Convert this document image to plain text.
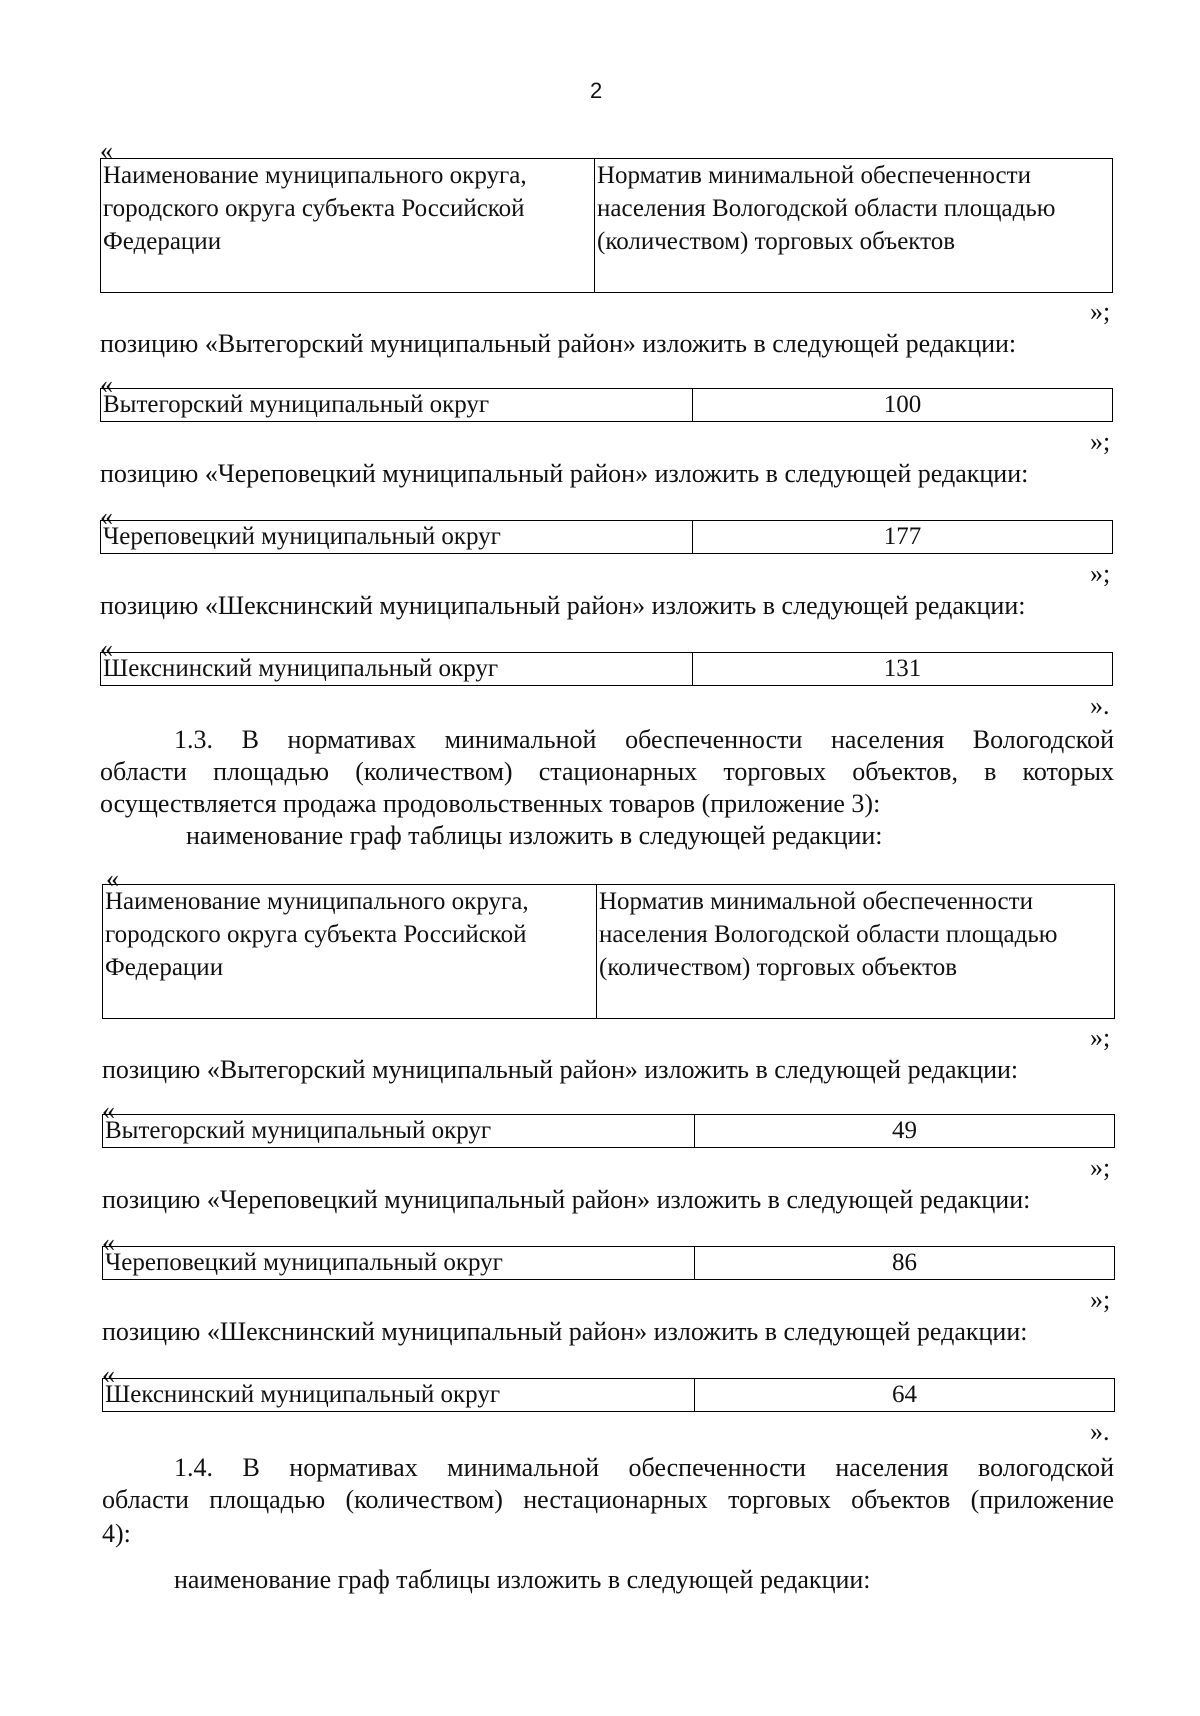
2
«
Наименование муниципального округа, городского округа субъекта Российской Федерации	Норматив минимальной обеспеченности населения Вологодской области площадью (количеством) торговых объектов
»;
позицию «Вытегорский муниципальный район» изложить в следующей редакции:
«
Вытегорский муниципальный округ	100
»;
позицию «Череповецкий муниципальный район» изложить в следующей редакции:
«
Череповецкий муниципальный округ	177
»;
позицию «Шекснинский муниципальный район» изложить в следующей редакции:
«
Шекснинский муниципальный округ	131
».
1.3. В нормативах минимальной обеспеченности населения Вологодской
области площадью (количеством) стационарных торговых объектов, в которых
осуществляется продажа продовольственных товаров (приложение 3):
наименование граф таблицы изложить в следующей редакции:
«
Наименование муниципального округа, городского округа субъекта Российской Федерации	Норматив минимальной обеспеченности населения Вологодской области площадью (количеством) торговых объектов
»;
позицию «Вытегорский муниципальный район» изложить в следующей редакции:
«
Вытегорский муниципальный округ	49
»;
позицию «Череповецкий муниципальный район» изложить в следующей редакции:
«
Череповецкий муниципальный округ	86
»;
позицию «Шекснинский муниципальный район» изложить в следующей редакции:
«
Шекснинский муниципальный округ	64
».
1.4. В нормативах минимальной обеспеченности населения вологодской
области площадью (количеством) нестационарных торговых объектов (приложение
4):
наименование граф таблицы изложить в следующей редакции:
